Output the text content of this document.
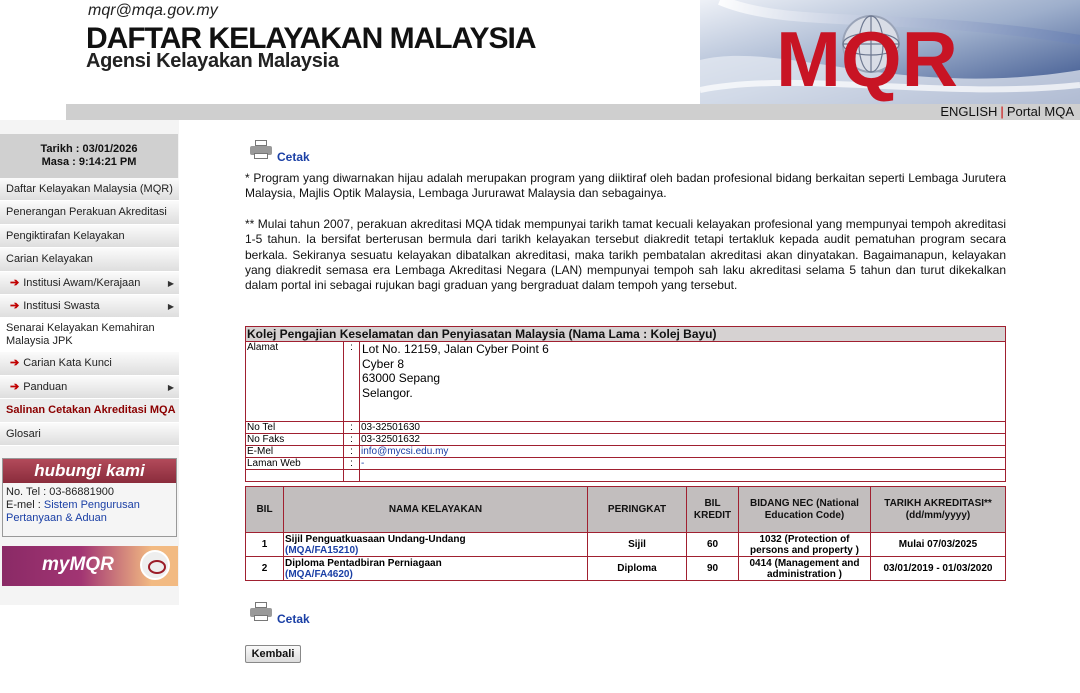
mqr@mqa.gov.my
DAFTAR KELAYAKAN MALAYSIA
Agensi Kelayakan Malaysia	MQR
ENGLISH | Portal MQA
Tarikh : 03/01/2026
Masa : 9:14:21 PM
Daftar Kelayakan Malaysia (MQR)
Penerangan Perakuan Akreditasi
Pengiktirafan Kelayakan
Carian Kelayakan
➔ Institusi Awam/Kerajaan	▶
➔ Institusi Swasta	▶
Senarai Kelayakan Kemahiran Malaysia JPK
➔ Carian Kata Kunci
➔ Panduan	▶
Salinan Cetakan Akreditasi MQA
Glosari
hubungi kami
No. Tel : 03-86881900
E-mel : Sistem Pengurusan Pertanyaan & Aduan
myMQR
Cetak

* Program yang diwarnakan hijau adalah merupakan program yang diiktiraf oleh badan profesional bidang berkaitan seperti Lembaga Jurutera Malaysia, Majlis Optik Malaysia, Lembaga Jururawat Malaysia dan sebagainya.

** Mulai tahun 2007, perakuan akreditasi MQA tidak mempunyai tarikh tamat kecuali kelayakan profesional yang mempunyai tempoh akreditasi 1-5 tahun. Ia bersifat berterusan bermula dari tarikh kelayakan tersebut diakredit tetapi tertakluk kepada audit pematuhan program secara berkala. Sekiranya sesuatu kelayakan dibatalkan akreditasi, maka tarikh pembatalan akreditasi akan dinyatakan. Bagaimanapun, kelayakan yang diakredit semasa era Lembaga Akreditasi Negara (LAN) mempunyai tempoh sah laku akreditasi selama 5 tahun dan turut dikekalkan dalam portal ini sebagai rujukan bagi graduan yang bergraduat dalam tempoh yang tersebut.

Kolej Pengajian Keselamatan dan Penyiasatan Malaysia (Nama Lama : Kolej Bayu)		
Alamat	:	Lot No. 12159, Jalan Cyber Point 6
Cyber 8
63000 Sepang
Selangor.

No Tel	:	03-32501630
No Faks	:	03-32501632
E-Mel	:	info@mycsi.edu.my
Laman Web	:	-

BIL	NAMA KELAYAKAN	PERINGKAT	BIL KREDIT	BIDANG NEC (National Education Code)	TARIKH AKREDITASI** (dd/mm/yyyy)
1	Sijil Penguatkuasaan Undang-Undang
(MQA/FA15210)	Sijil	60	1032 (Protection of persons and property )	Mulai 07/03/2025
2	Diploma Pentadbiran Perniagaan
(MQA/FA4620)	Diploma	90	0414 (Management and administration )	03/01/2019 - 01/03/2020
Cetak
Kembali
